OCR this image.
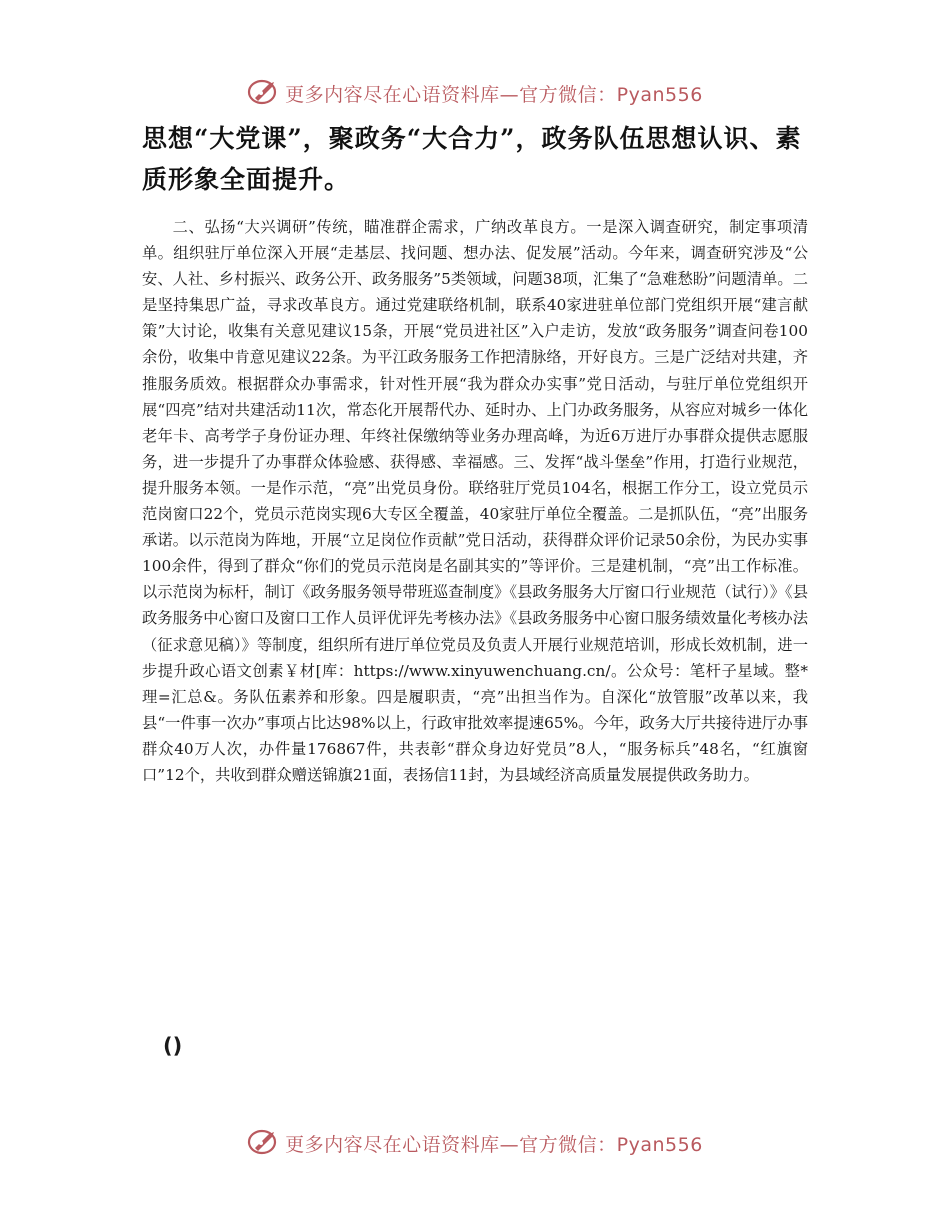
更多内容尽在心语资料库—官方微信：Pyan556
思想“大党课”，聚政务“大合力”，政务队伍思想认识、素质形象全面提升。
二、弘扬“大兴调研”传统，瞄准群企需求，广纳改革良方。一是深入调查研究，制定事项清单。组织驻厅单位深入开展“走基层、找问题、想办法、促发展”活动。今年来，调查研究涉及“公安、人社、乡村振兴、政务公开、政务服务”5类领域，问题38项，汇集了“急难愁盼”问题清单。二是坚持集思广益，寻求改革良方。通过党建联络机制，联系40家进驻单位部门党组织开展“建言献策”大讨论，收集有关意见建议15条，开展“党员进社区”入户走访，发放“政务服务”调查问卷100余份，收集中肯意见建议22条。为平江政务服务工作把清脉络，开好良方。三是广泛结对共建，齐推服务质效。根据群众办事需求，针对性开展“我为群众办实事”党日活动，与驻厅单位党组织开展“四亮”结对共建活动11次，常态化开展帮代办、延时办、上门办政务服务，从容应对城乡一体化老年卡、高考学子身份证办理、年终社保缴纳等业务办理高峰，为近6万进厅办事群众提供志愿服务，进一步提升了办事群众体验感、获得感、幸福感。三、发挥“战斗堡垒”作用，打造行业规范，提升服务本领。一是作示范，“亮”出党员身份。联络驻厅党员104名，根据工作分工，设立党员示范岗窗口22个，党员示范岗实现6大专区全覆盖，40家驻厅单位全覆盖。二是抓队伍，“亮”出服务承诺。以示范岗为阵地，开展“立足岗位作贡献”党日活动，获得群众评价记录50余份，为民办实事100余件，得到了群众“你们的党员示范岗是名副其实的”等评价。三是建机制，“亮”出工作标准。以示范岗为标杆，制订《政务服务领导带班巡查制度》《县政务服务大厅窗口行业规范（试行）》《县政务服务中心窗口及窗口工作人员评优评先考核办法》《县政务服务中心窗口服务绩效量化考核办法（征求意见稿）》等制度，组织所有进厅单位党员及负责人开展行业规范培训，形成长效机制，进一步提升政心语文创素￥材[库：https://www.xinyuwenchuang.cn/。公众号：笔杆子星域。整*理=汇总&。务队伍素养和形象。四是履职责，“亮”出担当作为。自深化“放管服”改革以来，我县“一件事一次办”事项占比达98%以上，行政审批效率提速65%。今年，政务大厅共接待进厅办事群众40万人次，办件量176867件，共表彰“群众身边好党员”8人，“服务标兵”48名，“红旗窗口”12个，共收到群众赠送锦旗21面，表扬信11封，为县域经济高质量发展提供政务助力。
()
更多内容尽在心语资料库—官方微信：Pyan556
